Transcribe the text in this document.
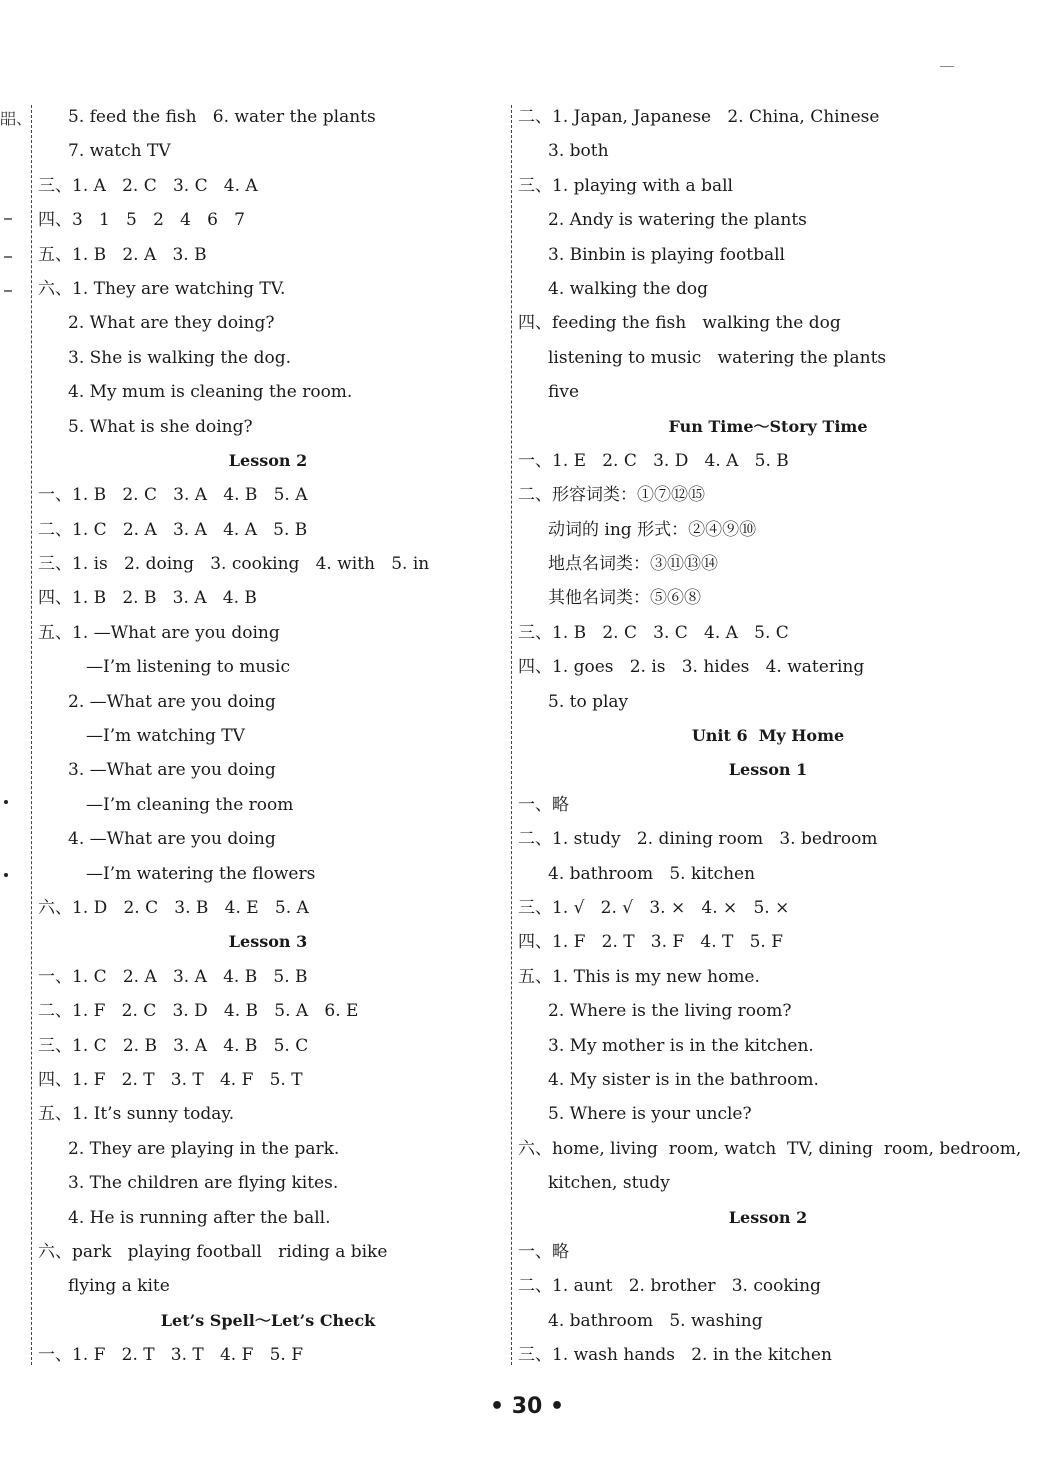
㗊、	5. feed the fish   6. water the plants
7. watch TV
三、1. A   2. C   3. C   4. A
四、3   1   5   2   4   6   7
五、1. B   2. A   3. B
六、1. They are watching TV.
2. What are they doing?
3. She is walking the dog.
4. My mum is cleaning the room.
5. What is she doing?
Lesson 2
一、1. B   2. C   3. A   4. B   5. A
二、1. C   2. A   3. A   4. A   5. B
三、1. is   2. doing   3. cooking   4. with   5. in
四、1. B   2. B   3. A   4. B
五、1. —What are you doing
—I’m listening to music
2. —What are you doing
—I’m watching TV
3. —What are you doing
—I’m cleaning the room
4. —What are you doing
—I’m watering the flowers
六、1. D   2. C   3. B   4. E   5. A
Lesson 3
一、1. C   2. A   3. A   4. B   5. B
二、1. F   2. C   3. D   4. B   5. A   6. E
三、1. C   2. B   3. A   4. B   5. C
四、1. F   2. T   3. T   4. F   5. T
五、1. It’s sunny today.
2. They are playing in the park.
3. The children are flying kites.
4. He is running after the ball.
六、park   playing football   riding a bike
flying a kite
Let’s Spell～Let’s Check
一、1. F   2. T   3. T   4. F   5. F
二、1. Japan, Japanese   2. China, Chinese
3. both
三、1. playing with a ball
2. Andy is watering the plants
3. Binbin is playing football
4. walking the dog
四、feeding the fish   walking the dog
listening to music   watering the plants
five
Fun Time～Story Time
一、1. E   2. C   3. D   4. A   5. B
二、形容词类：①⑦⑫⑮
动词的 ing 形式：②④⑨⑩
地点名词类：③⑪⑬⑭
其他名词类：⑤⑥⑧
三、1. B   2. C   3. C   4. A   5. C
四、1. goes   2. is   3. hides   4. watering
5. to play
Unit 6  My Home
Lesson 1
一、略
二、1. study   2. dining room   3. bedroom
4. bathroom   5. kitchen
三、1. √   2. √   3. ×   4. ×   5. ×
四、1. F   2. T   3. F   4. T   5. F
五、1. This is my new home.
2. Where is the living room?
3. My mother is in the kitchen.
4. My sister is in the bathroom.
5. Where is your uncle?
六、home, living  room, watch  TV, dining  room, bedroom,
kitchen, study
Lesson 2
一、略
二、1. aunt   2. brother   3. cooking
4. bathroom   5. washing
三、1. wash hands   2. in the kitchen
• 30 •
